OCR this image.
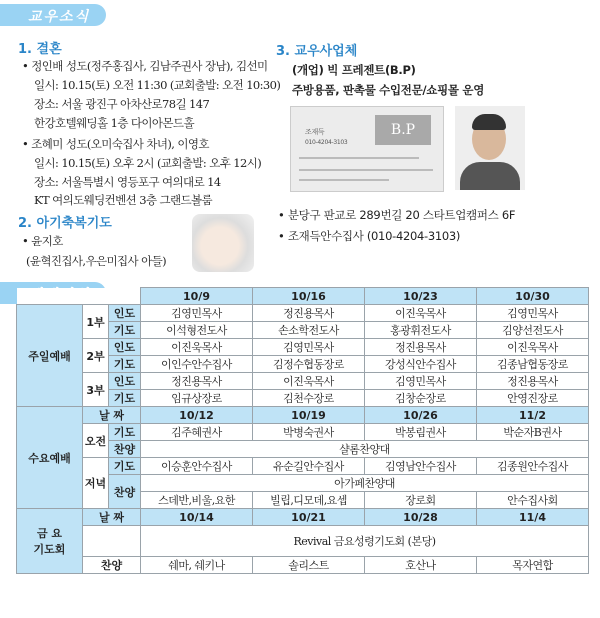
교우소식 ☁
1. 결혼
• 정인배 성도(정주홍집사, 김남주권사 장남), 김선미
일시: 10.15(토) 오전 11:30 (교회출발: 오전 10:30)
장소: 서울 광진구 아차산로78길 147
한강호텔웨딩홀 1층 다이아몬드홀
• 조혜미 성도(오미숙집사 차녀), 이영호
일시: 10.15(토) 오후 2시 (교회출발: 오후 12시)
장소: 서울특별시 영등포구 여의대로 14
KT 여의도웨딩컨벤션 3층 그랜드볼룸
2. 아기축복기도
• 윤지호
(윤혁진집사,우은미집사 아들)
3. 교우사업체
(개업) 빅 프레젠트(B.P)
주방용품, 판촉물 수입전문/쇼핑몰 운영
B.P
조재득
010-4204-3103
• 분당구 판교로 289번길 20 스타트업캠퍼스 6F
• 조재득안수집사 (010-4204-3103)
			10/9	10/16	10/23	10/30
주일예배	1부	인도	김영민목사	정진용목사	이진욱목사	김영민목사
		기도	이석형전도사	손소학전도사	홍광휘전도사	김양선전도사
	2부	인도	이진욱목사	김영민목사	정진용목사	이진욱목사
		기도	이인수안수집사	김정수협동장로	강성식안수집사	김종남협동장로
	3부	인도	정진용목사	이진욱목사	김영민목사	정진용목사
		기도	임규상장로	김천수장로	김창순장로	안영진장로
수요예배	날 짜		10/12	10/19	10/26	11/2
	오전	기도	김주혜권사	박병숙권사	박봉림권사	박순자B권사
		찬양	샬롬찬양대			
	저녁	기도	이승훈안수집사	유순길안수집사	김영남안수집사	김종원안수집사
		찬양	아가페찬양대			
			스데반,비울,요한	빌립,디모데,요셉	장로회	안수집사회
금 요
기도회	날 짜		10/14	10/21	10/28	11/4
			Revival 금요성령기도회 (본당)			
	찬양		쉐마, 쉐키나	솔리스트	호산나	목자연합
